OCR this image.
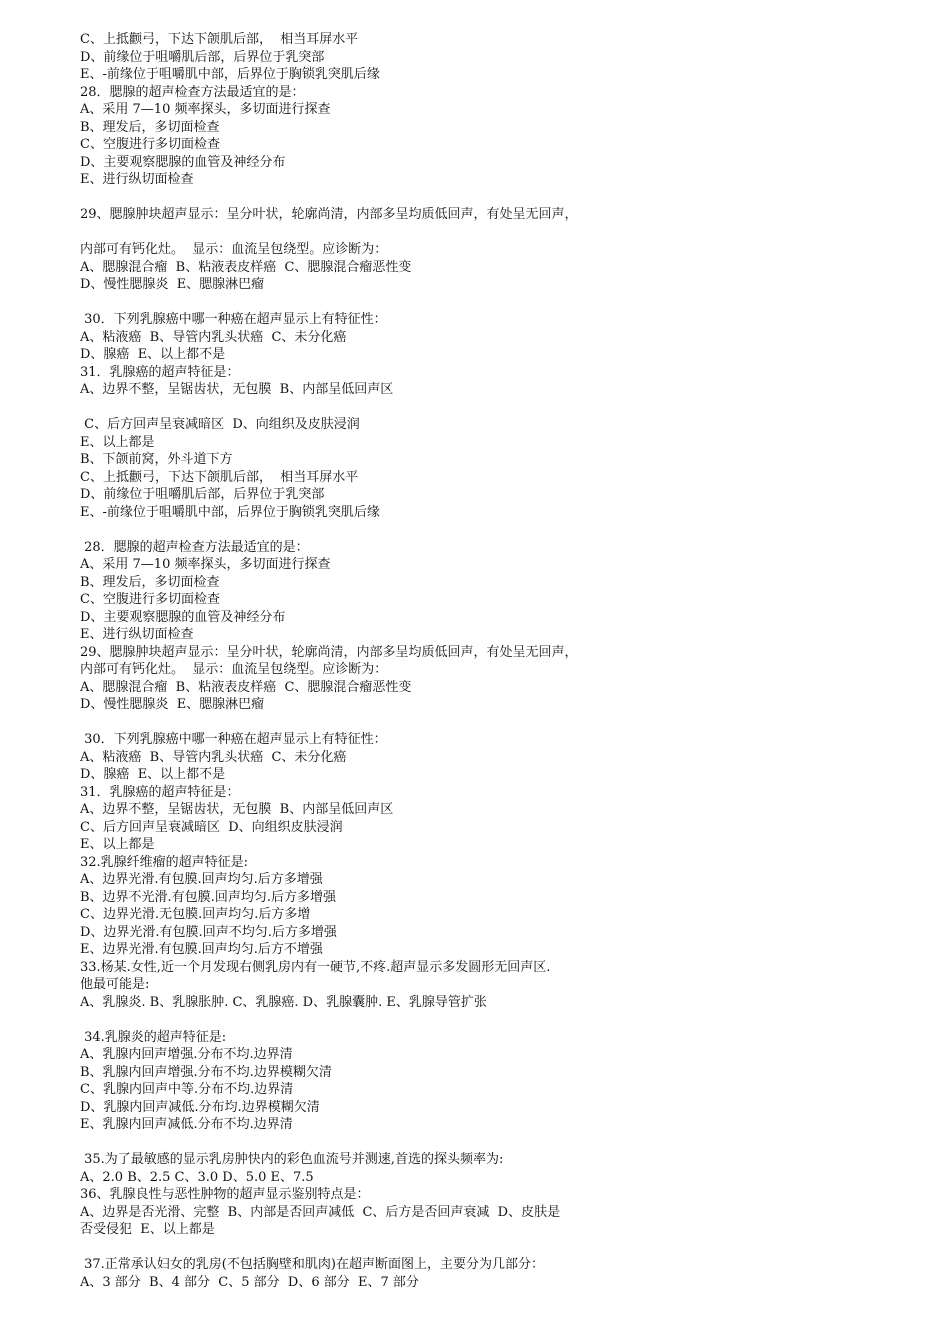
C、上抵颧弓，下达下颌肌后部，  相当耳屏水平
D、前缘位于咀嚼肌后部，后界位于乳突部
E、-前缘位于咀嚼肌中部，后界位于胸锁乳突肌后缘
28．腮腺的超声检查方法最适宜的是：
A、采用 7—10 频率探头，多切面进行探查
B、理发后，多切面检查
C、空腹进行多切面检查
D、主要观察腮腺的血管及神经分布
E、进行纵切面检查
29、腮腺肿块超声显示：呈分叶状，轮廓尚清，内部多呈均质低回声，有处呈无回声，
内部可有钙化灶。  显示：血流呈包绕型。应诊断为：
A、腮腺混合瘤  B、粘液表皮样癌  C、腮腺混合瘤恶性变
D、慢性腮腺炎  E、腮腺淋巴瘤
30．下列乳腺癌中哪一种癌在超声显示上有特征性：
A、粘液癌  B、导管内乳头状癌  C、未分化癌
D、腺癌  E、以上都不是
31．乳腺癌的超声特征是：
A、边界不整，呈锯齿状，无包膜  B、内部呈低回声区
C、后方回声呈衰减暗区  D、向组织及皮肤浸润
E、以上都是
B、下颌前窝，外斗道下方
C、上抵颧弓，下达下颌肌后部，  相当耳屏水平
D、前缘位于咀嚼肌后部，后界位于乳突部
E、-前缘位于咀嚼肌中部，后界位于胸锁乳突肌后缘
28．腮腺的超声检查方法最适宜的是：
A、采用 7—10 频率探头，多切面进行探查
B、理发后，多切面检查
C、空腹进行多切面检查
D、主要观察腮腺的血管及神经分布
E、进行纵切面检查
29、腮腺肿块超声显示：呈分叶状，轮廓尚清，内部多呈均质低回声，有处呈无回声，
内部可有钙化灶。  显示：血流呈包绕型。应诊断为：
A、腮腺混合瘤  B、粘液表皮样癌  C、腮腺混合瘤恶性变
D、慢性腮腺炎  E、腮腺淋巴瘤
30．下列乳腺癌中哪一种癌在超声显示上有特征性：
A、粘液癌  B、导管内乳头状癌  C、未分化癌
D、腺癌  E、以上都不是
31．乳腺癌的超声特征是：
A、边界不整，呈锯齿状，无包膜  B、内部呈低回声区
C、后方回声呈衰减暗区  D、向组织皮肤浸润
E、以上都是
32.乳腺纤维瘤的超声特征是:
A、边界光滑.有包膜.回声均匀.后方多增强
B、边界不光滑.有包膜.回声均匀.后方多增强
C、边界光滑.无包膜.回声均匀.后方多增
D、边界光滑.有包膜.回声不均匀.后方多增强
E、边界光滑.有包膜.回声均匀.后方不增强
33.杨某.女性,近一个月发现右侧乳房内有一硬节,不疼.超声显示多发圆形无回声区.
他最可能是:
A、乳腺炎. B、乳腺胀肿. C、乳腺癌. D、乳腺囊肿. E、乳腺导管扩张
34.乳腺炎的超声特征是:
A、乳腺内回声增强.分布不均.边界清
B、乳腺内回声增强.分布不均.边界模糊欠清
C、乳腺内回声中等.分布不均.边界清
D、乳腺内回声减低.分布均.边界模糊欠清
E、乳腺内回声减低.分布不均.边界清
35.为了最敏感的显示乳房肿快内的彩色血流号并测速,首选的探头频率为:
A、2.0 B、2.5 C、3.0 D、5.0 E、7.5
36、乳腺良性与恶性肿物的超声显示鉴别特点是：
A、边界是否光滑、完整  B、内部是否回声减低  C、后方是否回声衰减  D、皮肤是
否受侵犯  E、以上都是
37.正常承认妇女的乳房(不包括胸壁和肌肉)在超声断面图上，主要分为几部分：
A、3 部分  B、4 部分  C、5 部分  D、6 部分  E、7 部分
